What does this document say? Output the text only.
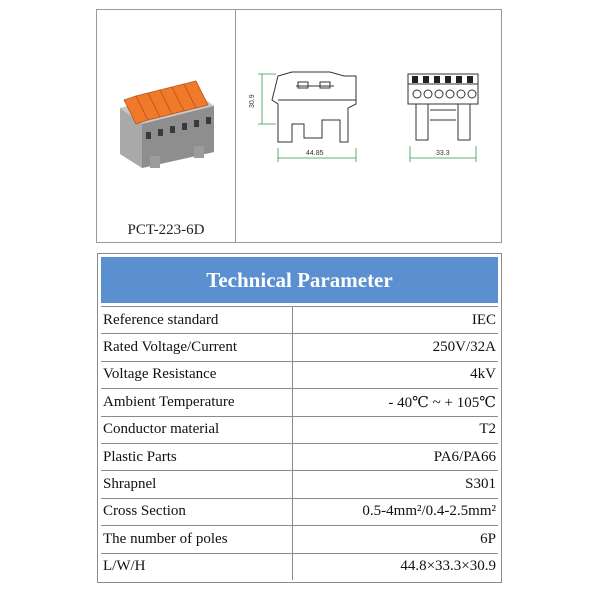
30.9
44.85	33.3
PCT-223-6D
Technical Parameter
Reference standard	IEC
Rated Voltage/Current	250V/32A
Voltage Resistance	4kV
Ambient Temperature	- 40℃ ~ + 105℃
Conductor material	T2
Plastic Parts	PA6/PA66
Shrapnel	S301
Cross Section	0.5-4mm²/0.4-2.5mm²
The number of poles	6P
L/W/H	44.8×33.3×30.9
